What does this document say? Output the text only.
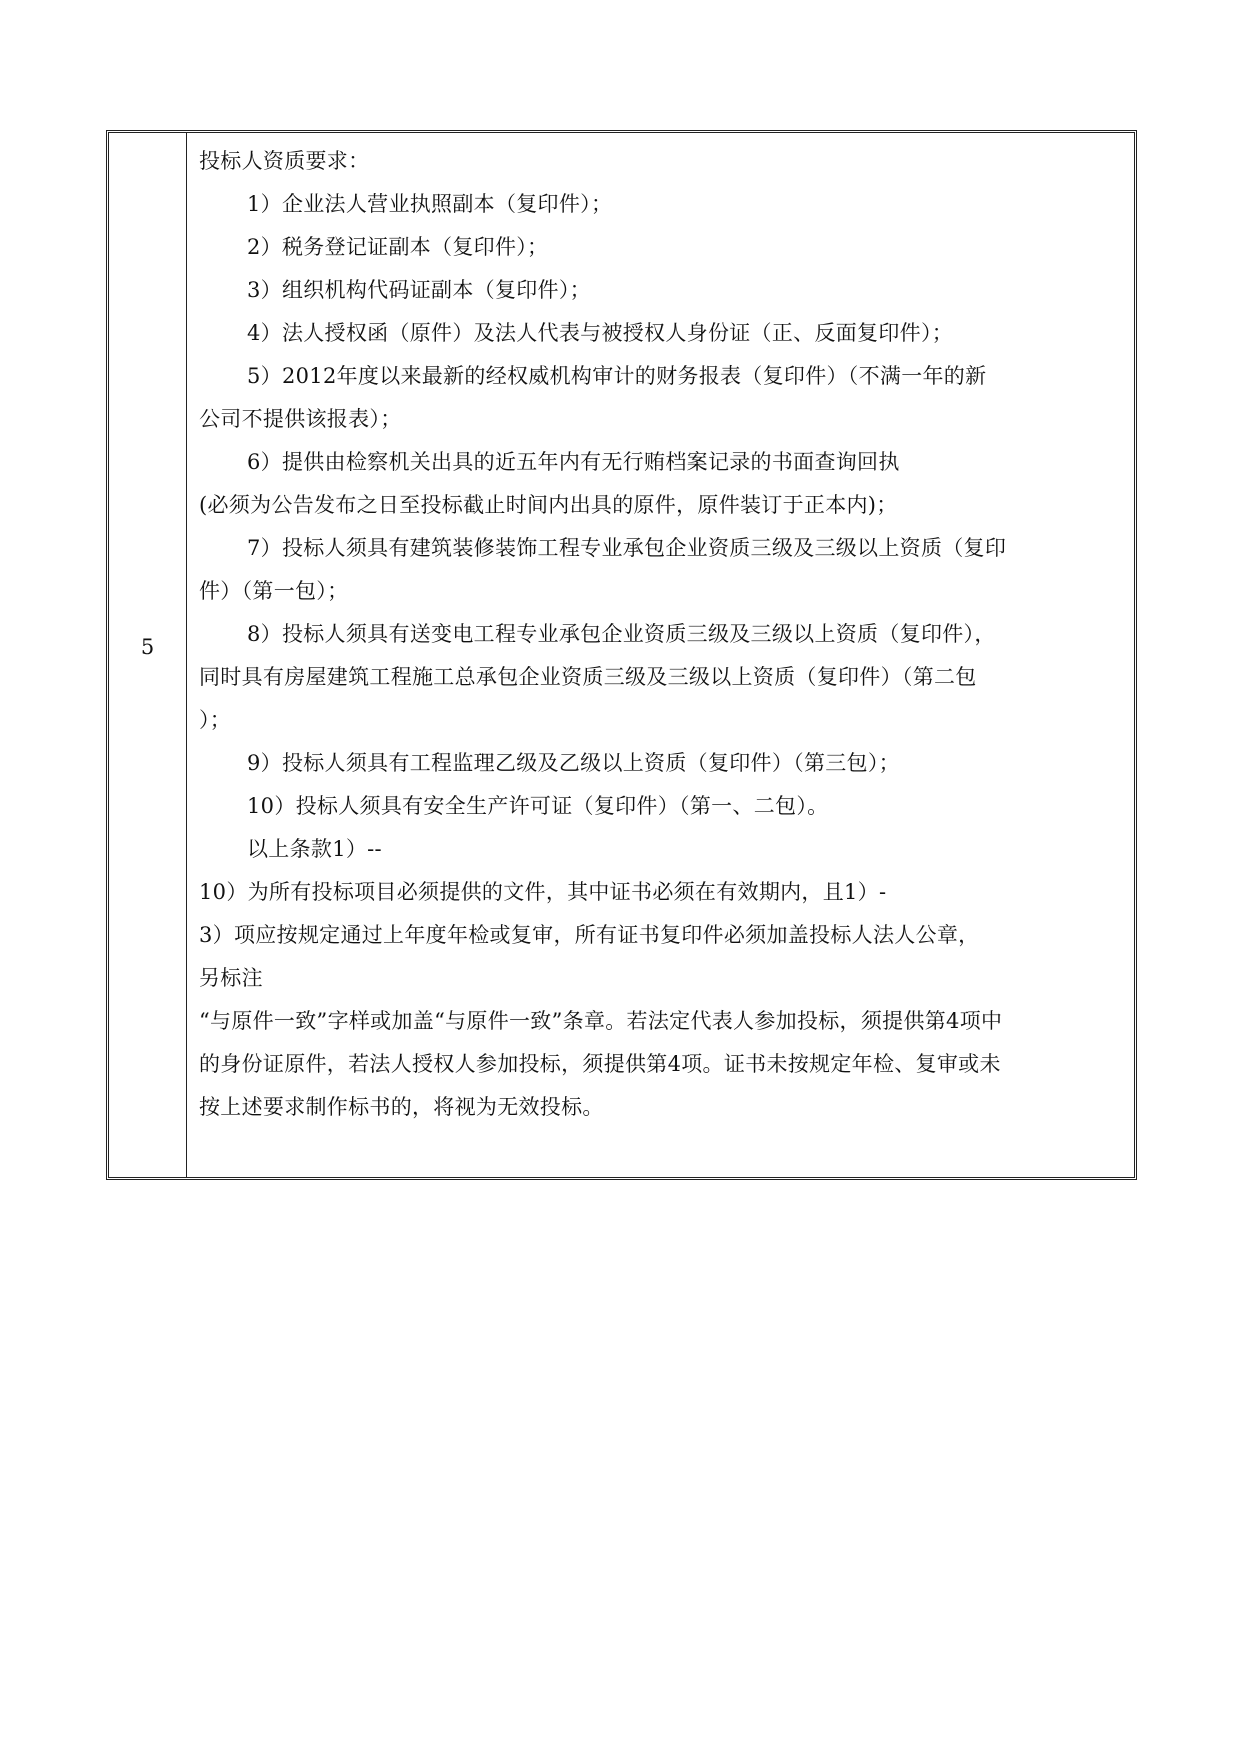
5
投标人资质要求：
1）企业法人营业执照副本（复印件）；
2）税务登记证副本（复印件）；
3）组织机构代码证副本（复印件）；
4）法人授权函（原件）及法人代表与被授权人身份证（正、反面复印件）；
5）2012年度以来最新的经权威机构审计的财务报表（复印件）（不满一年的新
公司不提供该报表）；
6）提供由检察机关出具的近五年内有无行贿档案记录的书面查询回执
(必须为公告发布之日至投标截止时间内出具的原件，原件装订于正本内)；
7）投标人须具有建筑装修装饰工程专业承包企业资质三级及三级以上资质（复印
件）（第一包）；
8）投标人须具有送变电工程专业承包企业资质三级及三级以上资质（复印件），
同时具有房屋建筑工程施工总承包企业资质三级及三级以上资质（复印件）（第二包
）；
9）投标人须具有工程监理乙级及乙级以上资质（复印件）（第三包）；
10）投标人须具有安全生产许可证（复印件）（第一、二包）。
以上条款1）--
10）为所有投标项目必须提供的文件，其中证书必须在有效期内，且1）-
3）项应按规定通过上年度年检或复审，所有证书复印件必须加盖投标人法人公章，
另标注
“与原件一致”字样或加盖“与原件一致”条章。若法定代表人参加投标，须提供第4项中
的身份证原件，若法人授权人参加投标，须提供第4项。证书未按规定年检、复审或未
按上述要求制作标书的，将视为无效投标。
